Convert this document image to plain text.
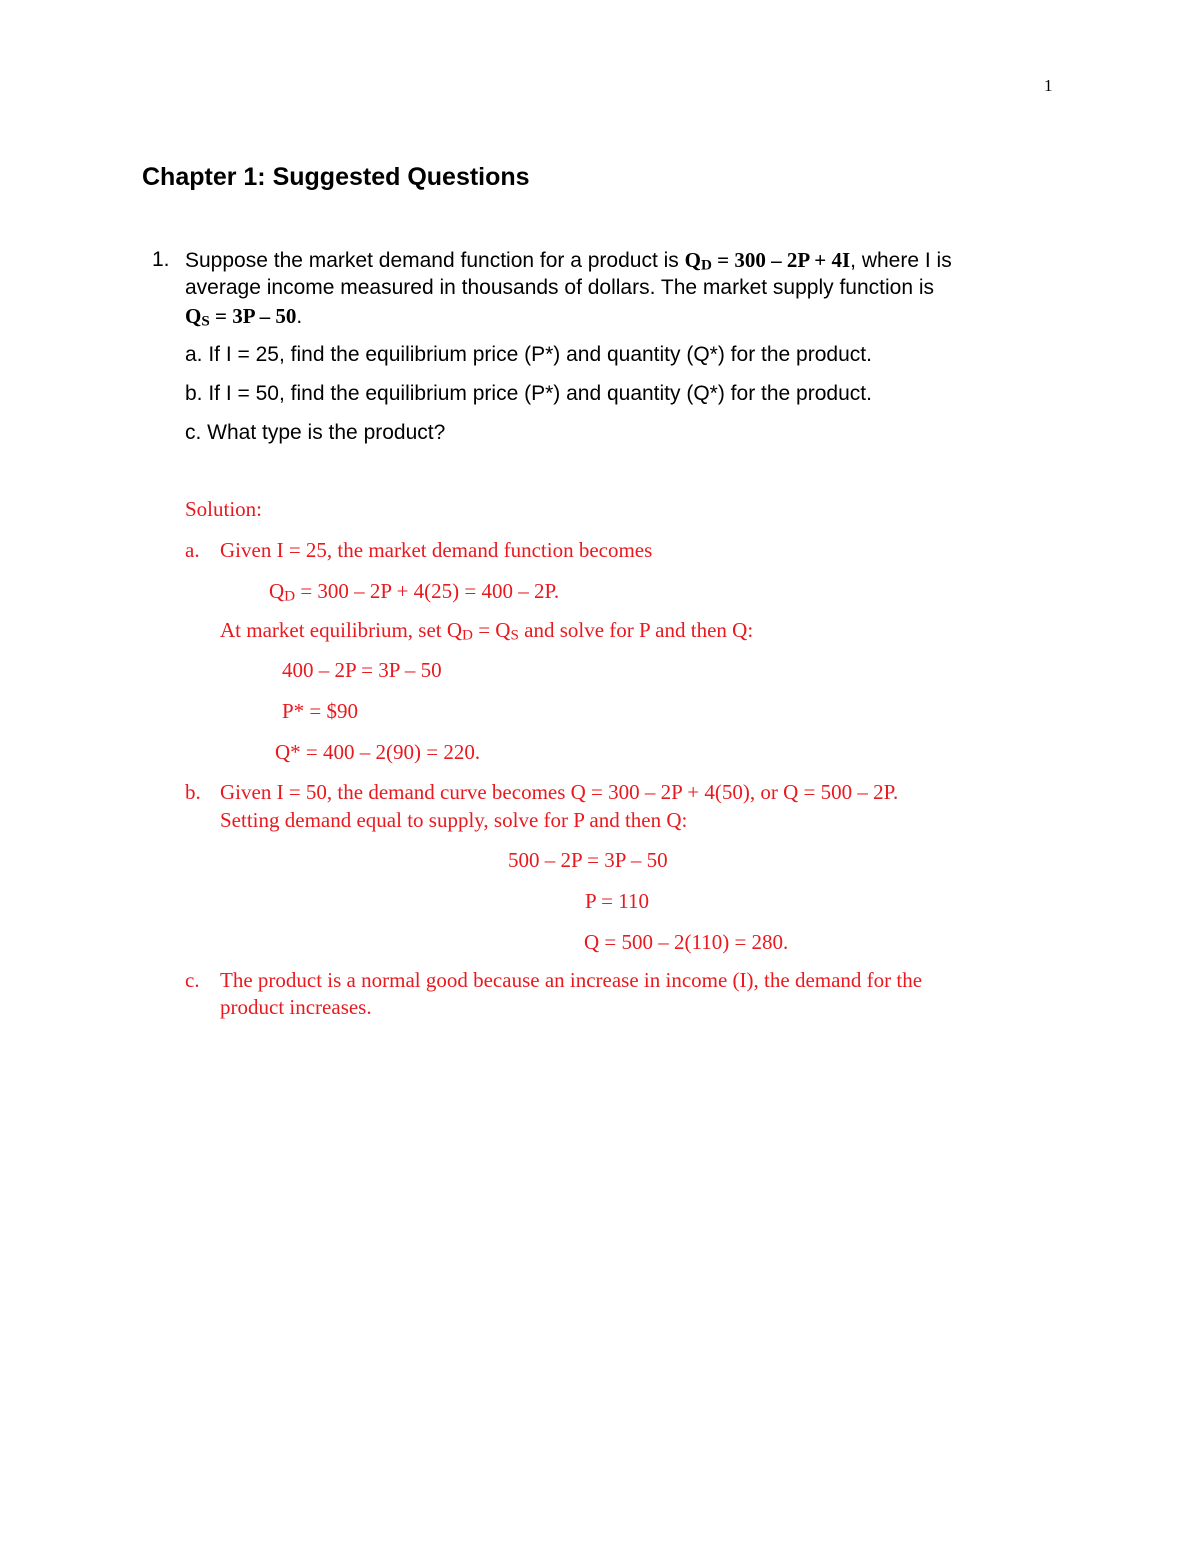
1
Chapter 1: Suggested Questions
1. Suppose the market demand function for a product is QD = 300 – 2P + 4I, where I is
average income measured in thousands of dollars. The market supply function is
QS = 3P – 50.
a. If I = 25, find the equilibrium price (P*) and quantity (Q*) for the product.
b. If I = 50, find the equilibrium price (P*) and quantity (Q*) for the product.
c. What type is the product?
Solution:
a. Given I = 25, the market demand function becomes
QD = 300 – 2P + 4(25) = 400 – 2P.
At market equilibrium, set QD = QS and solve for P and then Q:
400 – 2P = 3P – 50
P* = $90
Q* = 400 – 2(90) = 220.
b. Given I = 50, the demand curve becomes Q = 300 – 2P + 4(50), or Q = 500 – 2P.
Setting demand equal to supply, solve for P and then Q:
500 – 2P = 3P – 50
P = 110
Q = 500 – 2(110) = 280.
c. The product is a normal good because an increase in income (I), the demand for the
product increases.
